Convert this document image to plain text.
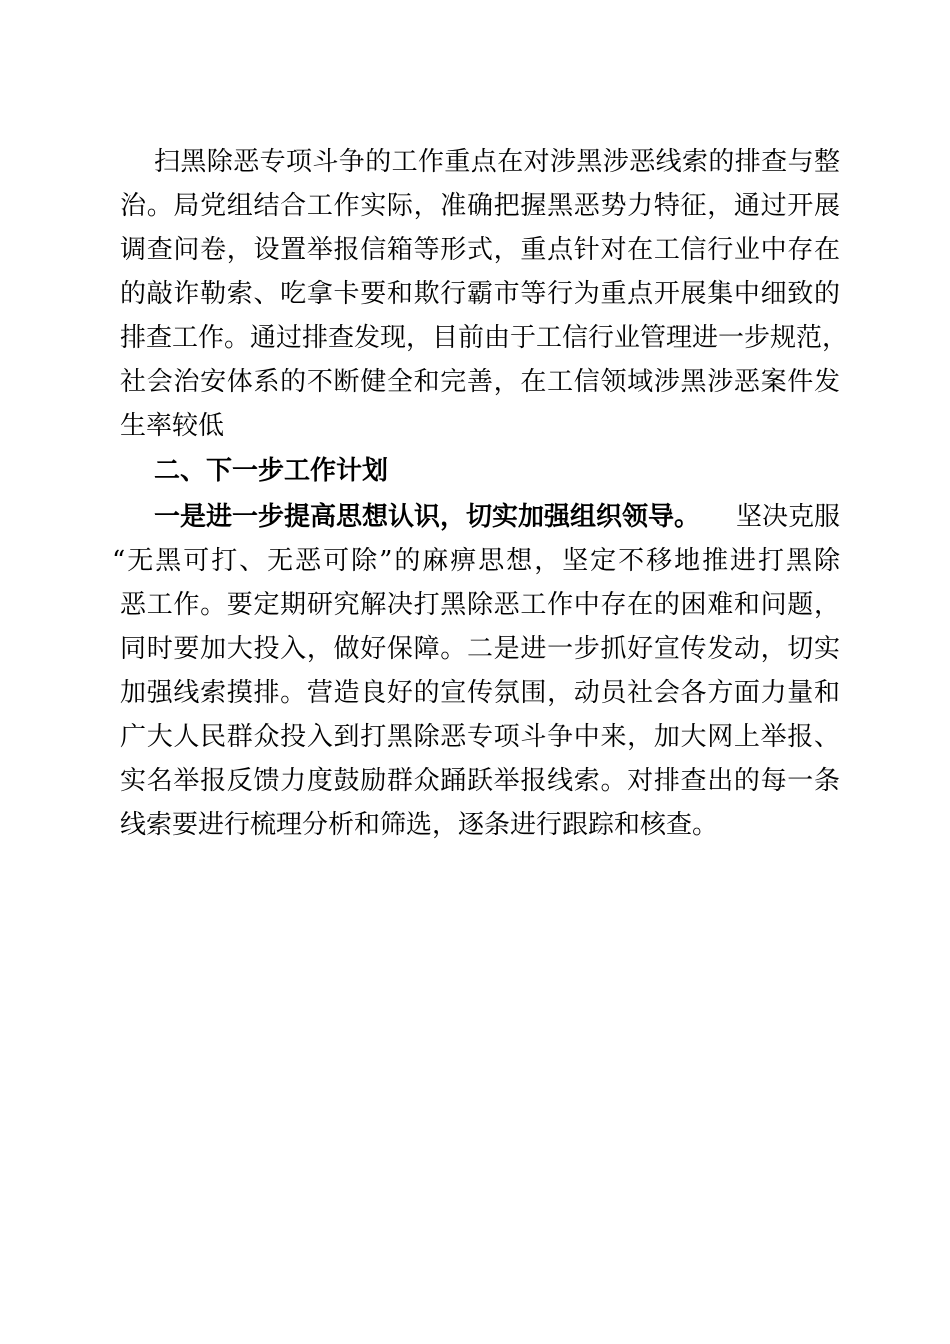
扫黑除恶专项斗争的工作重点在对涉黑涉恶线索的排查与整
治。局党组结合工作实际，准确把握黑恶势力特征，通过开展
调查问卷，设置举报信箱等形式，重点针对在工信行业中存在
的敲诈勒索、吃拿卡要和欺行霸市等行为重点开展集中细致的
排查工作。通过排查发现，目前由于工信行业管理进一步规范，
社会治安体系的不断健全和完善，在工信领域涉黑涉恶案件发
生率较低
二、下一步工作计划
一是进一步提高思想认识，切实加强组织领导。 坚决克服
“无黑可打、无恶可除”的麻痹思想，坚定不移地推进打黑除
恶工作。要定期研究解决打黑除恶工作中存在的困难和问题，
同时要加大投入，做好保障。二是进一步抓好宣传发动，切实
加强线索摸排。营造良好的宣传氛围，动员社会各方面力量和
广大人民群众投入到打黑除恶专项斗争中来，加大网上举报、
实名举报反馈力度鼓励群众踊跃举报线索。对排查出的每一条
线索要进行梳理分析和筛选，逐条进行跟踪和核查。
